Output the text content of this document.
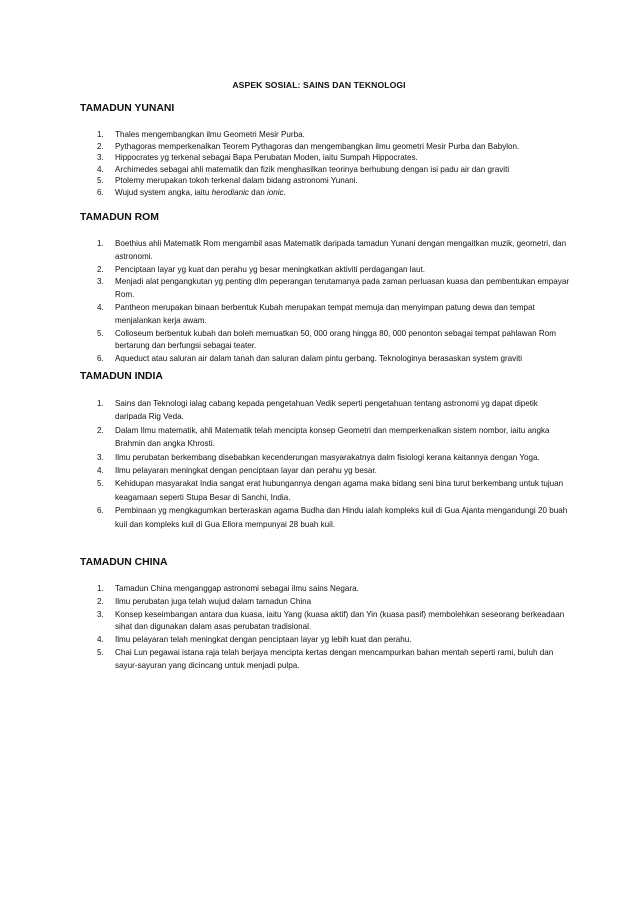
ASPEK SOSIAL: SAINS DAN TEKNOLOGI
TAMADUN YUNANI
1. Thales mengembangkan ilmu Geometri Mesir Purba.
2. Pythagoras memperkenalkan Teorem Pythagoras dan mengembangkan ilmu geometri Mesir Purba dan Babylon.
3. Hippocrates yg terkenal sebagai Bapa Perubatan Moden, iaitu Sumpah Hippocrates.
4. Archimedes sebagai ahli matematik dan fizik menghasilkan teorinya berhubung dengan isi padu air dan graviti
5. Ptolemy merupakan tokoh terkenal dalam bidang astronomi Yunani.
6. Wujud system angka, iaitu herodianic dan ionic.
TAMADUN ROM
1. Boethius ahli Matematik Rom mengambil asas Matematik daripada tamadun Yunani dengan mengaitkan muzik, geometri, dan astronomi.
2. Penciptaan layar yg kuat dan perahu yg besar meningkatkan aktiviti perdagangan laut.
3. Menjadi alat pengangkutan yg penting dlm peperangan terutamanya pada zaman perluasan kuasa dan pembentukan empayar Rom.
4. Pantheon merupakan binaan berbentuk Kubah merupakan tempat memuja dan menyimpan patung dewa dan tempat menjalankan kerja awam.
5. Colloseum berbentuk kubah dan boleh memuatkan 50, 000 orang hingga 80, 000 penonton sebagai tempat pahlawan Rom bertarung dan berfungsi sebagai teater.
6. Aqueduct atau saluran air dalam tanah dan saluran dalam pintu gerbang. Teknologinya berasaskan system graviti
TAMADUN INDIA
1. Sains dan Teknologi ialag cabang kepada pengetahuan Vedik seperti pengetahuan tentang astronomi yg dapat dipetik daripada Rig Veda.
2. Dalam Ilmu matematik, ahli Matematik telah mencipta konsep Geometri dan memperkenalkan sistem nombor, iaitu angka Brahmin dan angka Khrosti.
3. Ilmu perubatan berkembang disebabkan kecenderungan masyarakatnya dalm fisiologi kerana kaitannya dengan Yoga.
4. Ilmu pelayaran meningkat dengan penciptaan layar dan perahu yg besar.
5. Kehidupan masyarakat India sangat erat hubungannya dengan agama maka bidang seni bina turut berkembang untuk tujuan keagamaan seperti Stupa Besar di Sanchi, India.
6. Pembinaan yg mengkagumkan berteraskan agama Budha dan Hindu ialah kompleks kuil di Gua Ajanta mengandungi 20 buah kuil dan kompleks kuil di Gua Ellora mempunyai 28 buah kuil.
TAMADUN CHINA
1. Tamadun China menganggap astronomi sebagai ilmu sains Negara.
2. Ilmu perubatan juga telah wujud dalam tamadun China
3. Konsep keseimbangan antara dua kuasa, iaitu Yang (kuasa aktif) dan Yin (kuasa pasif) membolehkan seseorang berkeadaan sihat dan digunakan dalam asas perubatan tradisional.
4. Ilmu pelayaran telah meningkat dengan penciptaan layar yg lebih kuat dan perahu.
5. Chai Lun pegawai istana raja telah berjaya mencipta kertas dengan mencampurkan bahan mentah seperti rami, buluh dan sayur-sayuran yang dicincang untuk menjadi pulpa.
